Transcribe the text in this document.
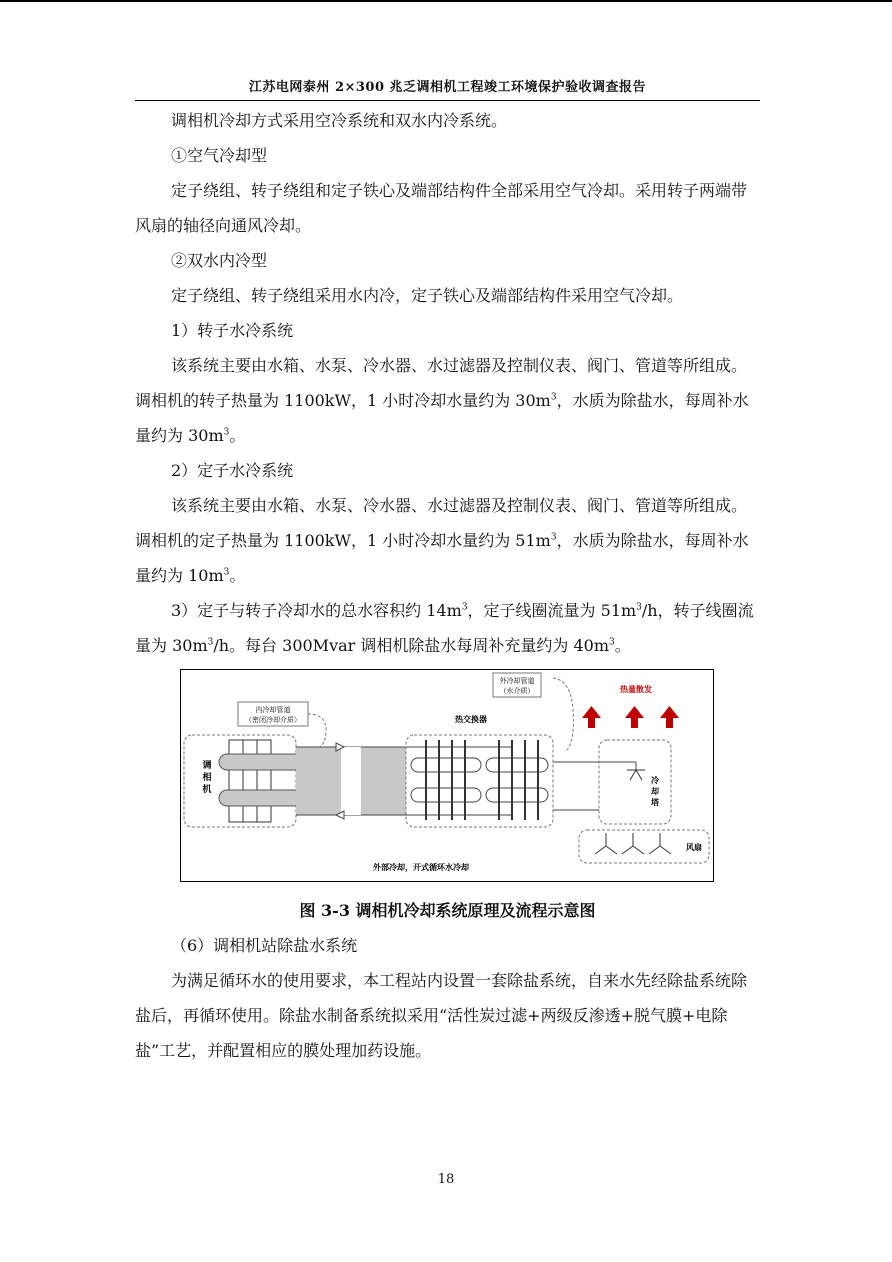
江苏电网泰州 2×300 兆乏调相机工程竣工环境保护验收调查报告

调相机冷却方式采用空冷系统和双水内冷系统。

①空气冷却型

定子绕组、转子绕组和定子铁心及端部结构件全部采用空气冷却。采用转子两端带风扇的轴径向通风冷却。

②双水内冷型

定子绕组、转子绕组采用水内冷，定子铁心及端部结构件采用空气冷却。

1）转子水冷系统

该系统主要由水箱、水泵、冷水器、水过滤器及控制仪表、阀门、管道等所组成。调相机的转子热量为 1100kW，1 小时冷却水量约为 $30m^3$，水质为除盐水，每周补水量约为 $30m^3$。

2）定子水冷系统

该系统主要由水箱、水泵、冷水器、水过滤器及控制仪表、阀门、管道等所组成。调相机的定子热量为 1100kW，1 小时冷却水量约为 $51m^3$，水质为除盐水，每周补水量约为 $10m^3$。

3）定子与转子冷却水的总水容积约 $14m^3$，定子线圈流量为 $51m^3/h$，转子线圈流量为 $30m^3/h$。每台 300Mvar 调相机除盐水每周补充量约为 $40m^3$。

调
相
机
内冷却管道
（密闭冷却介质）	热交换器
外冷却管道
（水介质）	热量散发
冷
却
塔
风扇
外部冷却，开式循环水冷却
图 3-3 调相机冷却系统原理及流程示意图

（6）调相机站除盐水系统

为满足循环水的使用要求，本工程站内设置一套除盐系统，自来水先经除盐系统除盐后，再循环使用。除盐水制备系统拟采用“活性炭过滤+两级反渗透+脱气膜+电除盐”工艺，并配置相应的膜处理加药设施。

18
